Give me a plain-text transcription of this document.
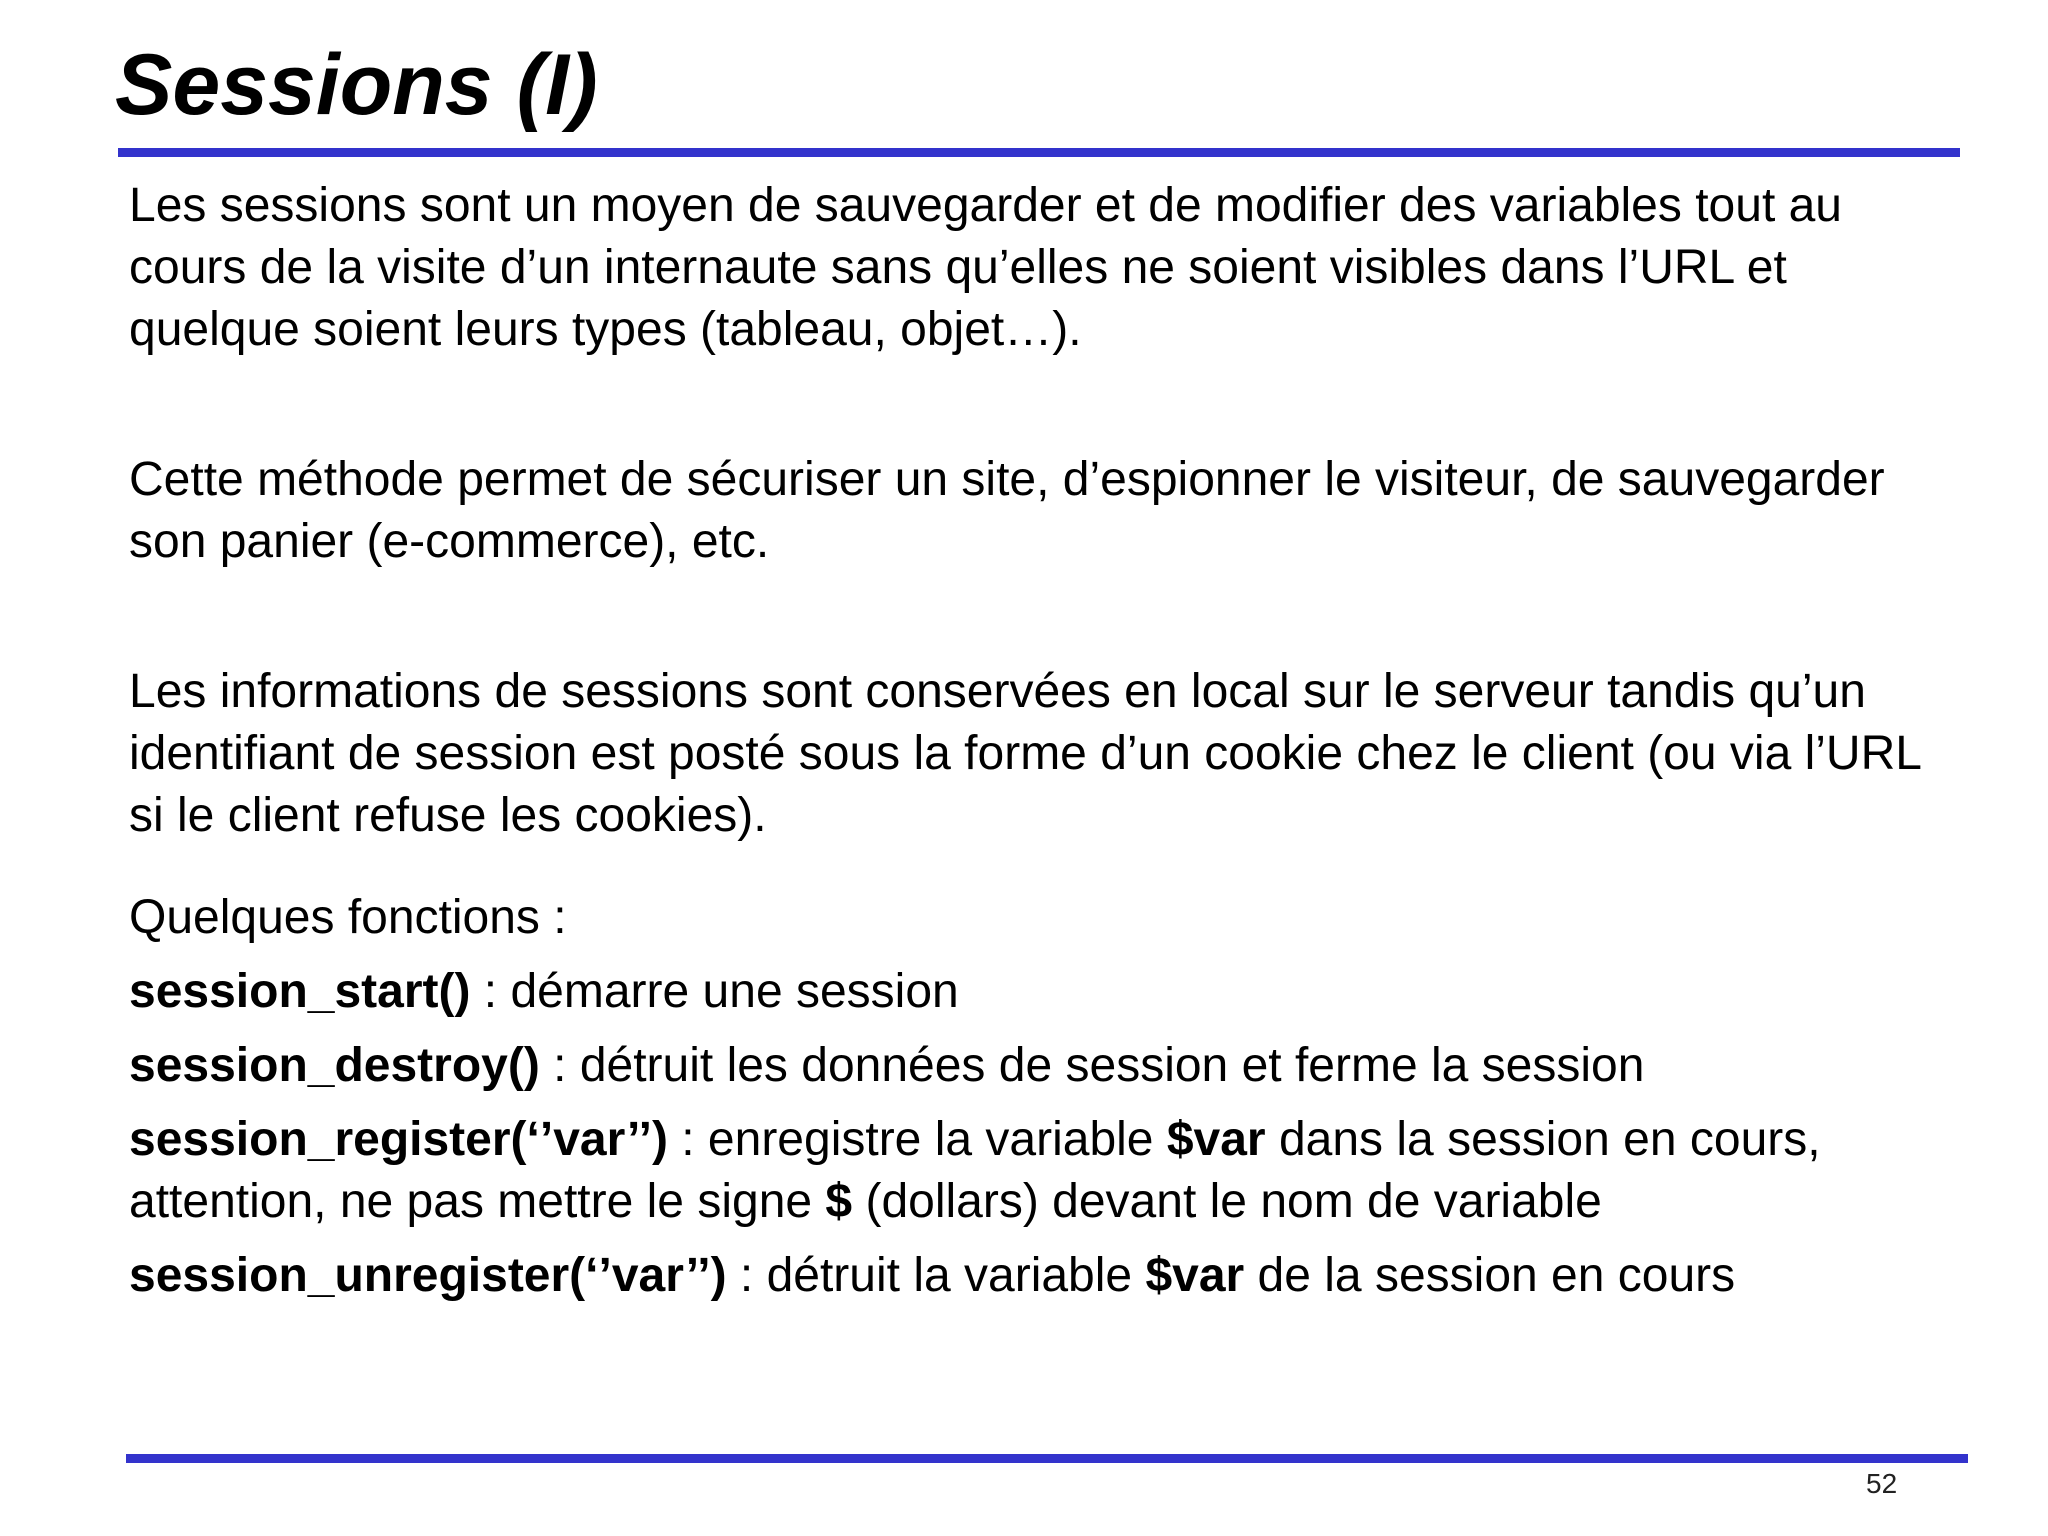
Sessions (I)

Les sessions sont un moyen de sauvegarder et de modifier des variables tout au cours de la visite d’un internaute sans qu’elles ne soient visibles dans l’URL et quelque soient leurs types (tableau, objet…).

Cette méthode permet de sécuriser un site, d’espionner le visiteur, de sauvegarder son panier (e-commerce), etc.

Les informations de sessions sont conservées en local sur le serveur tandis qu’un identifiant de session est posté sous la forme d’un cookie chez le client (ou via l’URL si le client refuse les cookies).

Quelques fonctions :

session_start() : démarre une session

session_destroy() : détruit les données de session et ferme la session

session_register(‘’var’’) : enregistre la variable $var dans la session en cours, attention, ne pas mettre le signe $ (dollars) devant le nom de variable

session_unregister(‘’var’’) : détruit la variable $var de la session en cours

52
